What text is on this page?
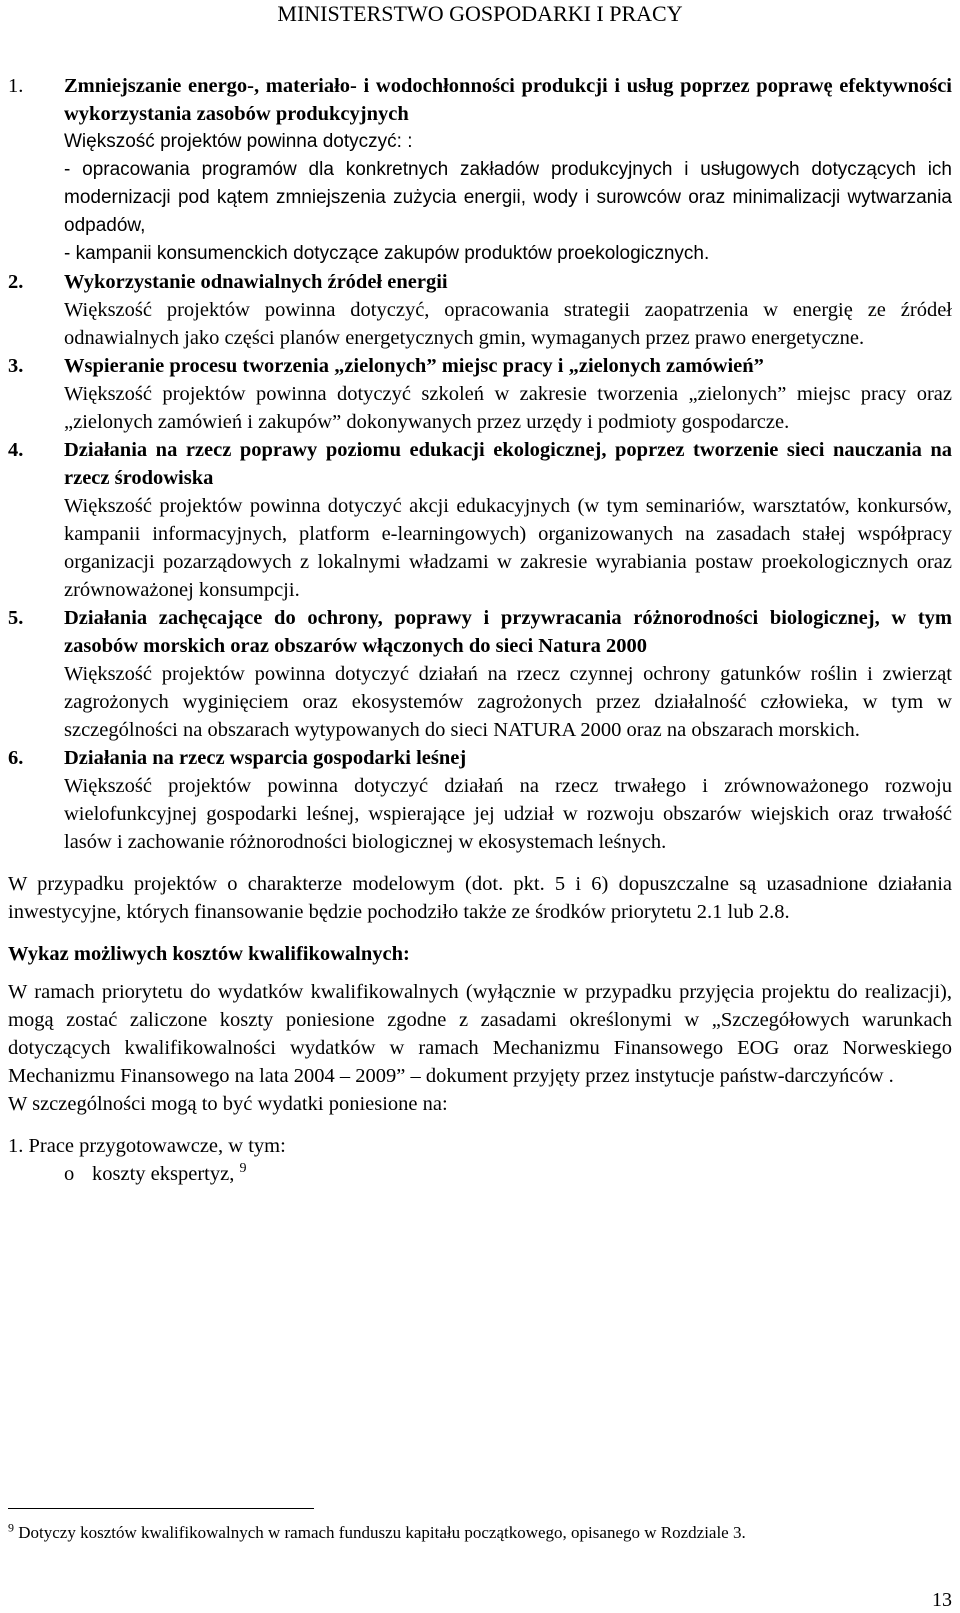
MINISTERSTWO GOSPODARKI I PRACY
1. Zmniejszanie energo-, materiało- i wodochłonności produkcji i usług poprzez poprawę efektywności wykorzystania zasobów produkcyjnych

Większość projektów powinna dotyczyć: :

- opracowania programów dla konkretnych zakładów produkcyjnych i usługowych dotyczących ich modernizacji pod kątem zmniejszenia zużycia energii, wody i surowców oraz minimalizacji wytwarzania odpadów,

- kampanii konsumenckich dotyczące zakupów produktów proekologicznych.

2. Wykorzystanie odnawialnych źródeł energii

Większość projektów powinna dotyczyć, opracowania strategii zaopatrzenia w energię ze źródeł odnawialnych jako części planów energetycznych gmin, wymaganych przez prawo energetyczne.

3. Wspieranie procesu tworzenia „zielonych” miejsc pracy i „zielonych zamówień”

Większość projektów powinna dotyczyć szkoleń w zakresie tworzenia „zielonych” miejsc pracy oraz „zielonych zamówień i zakupów” dokonywanych przez urzędy i podmioty gospodarcze.

4. Działania na rzecz poprawy poziomu edukacji ekologicznej, poprzez tworzenie sieci nauczania na rzecz środowiska

Większość projektów powinna dotyczyć akcji edukacyjnych (w tym seminariów, warsztatów, konkursów, kampanii informacyjnych, platform e-learningowych) organizowanych na zasadach stałej współpracy organizacji pozarządowych z lokalnymi władzami w zakresie wyrabiania postaw proekologicznych oraz zrównoważonej konsumpcji.

5. Działania zachęcające do ochrony, poprawy i przywracania różnorodności biologicznej, w tym zasobów morskich oraz obszarów włączonych do sieci Natura 2000

Większość projektów powinna dotyczyć działań na rzecz czynnej ochrony gatunków roślin i zwierząt zagrożonych wyginięciem oraz ekosystemów zagrożonych przez działalność człowieka, w tym w szczególności na obszarach wytypowanych do sieci NATURA 2000 oraz na obszarach morskich.

6. Działania na rzecz wsparcia gospodarki leśnej

Większość projektów powinna dotyczyć działań na rzecz trwałego i zrównoważonego rozwoju wielofunkcyjnej gospodarki leśnej, wspierające jej udział w rozwoju obszarów wiejskich oraz trwałość lasów i zachowanie różnorodności biologicznej w ekosystemach leśnych.

W przypadku projektów o charakterze modelowym (dot. pkt. 5 i 6) dopuszczalne są uzasadnione działania inwestycyjne, których finansowanie będzie pochodziło także ze środków priorytetu 2.1 lub 2.8.

Wykaz możliwych kosztów kwalifikowalnych:

W ramach priorytetu do wydatków kwalifikowalnych (wyłącznie w przypadku przyjęcia projektu do realizacji), mogą zostać zaliczone koszty poniesione zgodne z zasadami określonymi w „Szczegółowych warunkach dotyczących kwalifikowalności wydatków w ramach Mechanizmu Finansowego EOG oraz Norweskiego Mechanizmu Finansowego na lata 2004 – 2009” – dokument przyjęty przez instytucje państw-darczyńców .

W szczególności mogą to być wydatki poniesione na:

1. Prace przygotowawcze, w tym:

o koszty ekspertyz, $^9$

$^9$ Dotyczy kosztów kwalifikowalnych w ramach funduszu kapitału początkowego, opisanego w Rozdziale 3.
13
